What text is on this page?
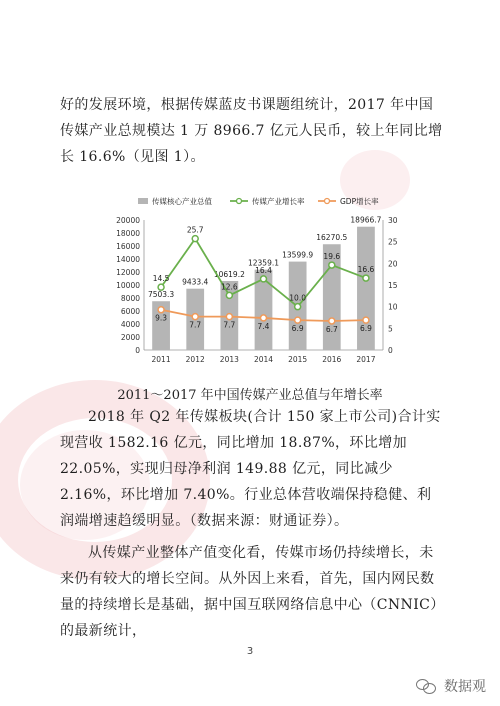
好的发展环境，根据传媒蓝皮书课题组统计，2017 年中国传媒产业总规模达 1 万 8966.7 亿元人民币，较上年同比增长 16.6%（见图 1）。
0
2000
4000
6000
8000
10000
12000
14000
16000
18000
20000
0
5
10
15
20
25
30
2011 2012 2013 2014 2015 2016 2017
7503.3
9433.4
10619.2
12359.1
13599.9
16270.5
18966.7
9.3
7.7	7.7	7.4	6.9	6.7	6.9
14.5
25.7
12.6
16.4
10.0
19.6
16.6
传媒核心产业总值	传媒产业增长率	GDP增长率
2011～2017 年中国传媒产业总值与年增长率
2018 年 Q2 年传媒板块(合计 150 家上市公司)合计实现营收 1582.16 亿元，同比增加 18.87%，环比增加 22.05%，实现归母净利润 149.88 亿元，同比减少 2.16%，环比增加 7.40%。行业总体营收端保持稳健、利润端增速趋缓明显。（数据来源：财通证券）。
从传媒产业整体产值变化看，传媒市场仍持续增长，未来仍有较大的增长空间。从外因上来看，首先，国内网民数量的持续增长是基础，据中国互联网络信息中心（CNNIC）的最新统计，
3
数据观
